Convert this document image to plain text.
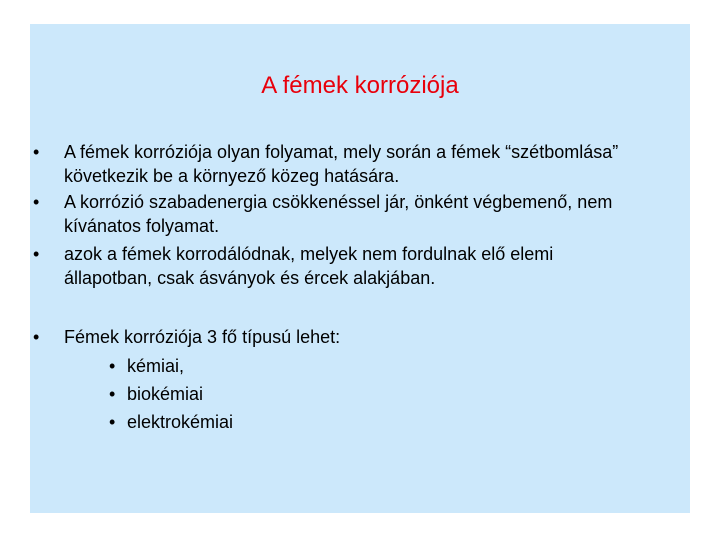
A fémek korróziója
• A fémek korróziója olyan folyamat, mely során a fémek “szétbomlása”
következik be a környező közeg hatására.
• A korrózió szabadenergia csökkenéssel jár, önként végbemenő, nem
kívánatos folyamat.
• azok a fémek korrodálódnak, melyek nem fordulnak elő elemi
állapotban, csak ásványok és ércek alakjában.
• Fémek korróziója 3 fő típusú lehet:
• kémiai,
• biokémiai
• elektrokémiai
